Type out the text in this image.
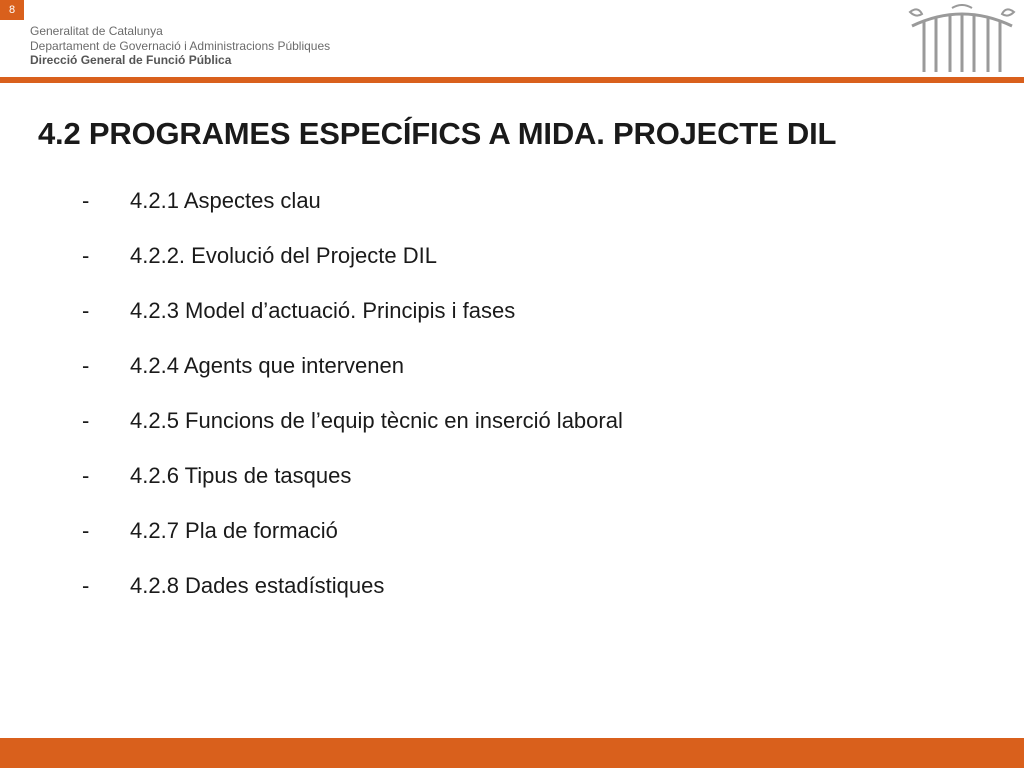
8
Generalitat de Catalunya
Departament de Governació i Administracions Públiques
Direcció General de Funció Pública
4.2 PROGRAMES ESPECÍFICS A MIDA. PROJECTE DIL
- 4.2.1 Aspectes clau
- 4.2.2. Evolució del Projecte DIL
- 4.2.3 Model d’actuació. Principis i fases
- 4.2.4 Agents que intervenen
- 4.2.5 Funcions de l’equip tècnic en inserció laboral
- 4.2.6 Tipus de tasques
- 4.2.7 Pla de formació
- 4.2.8 Dades estadístiques
